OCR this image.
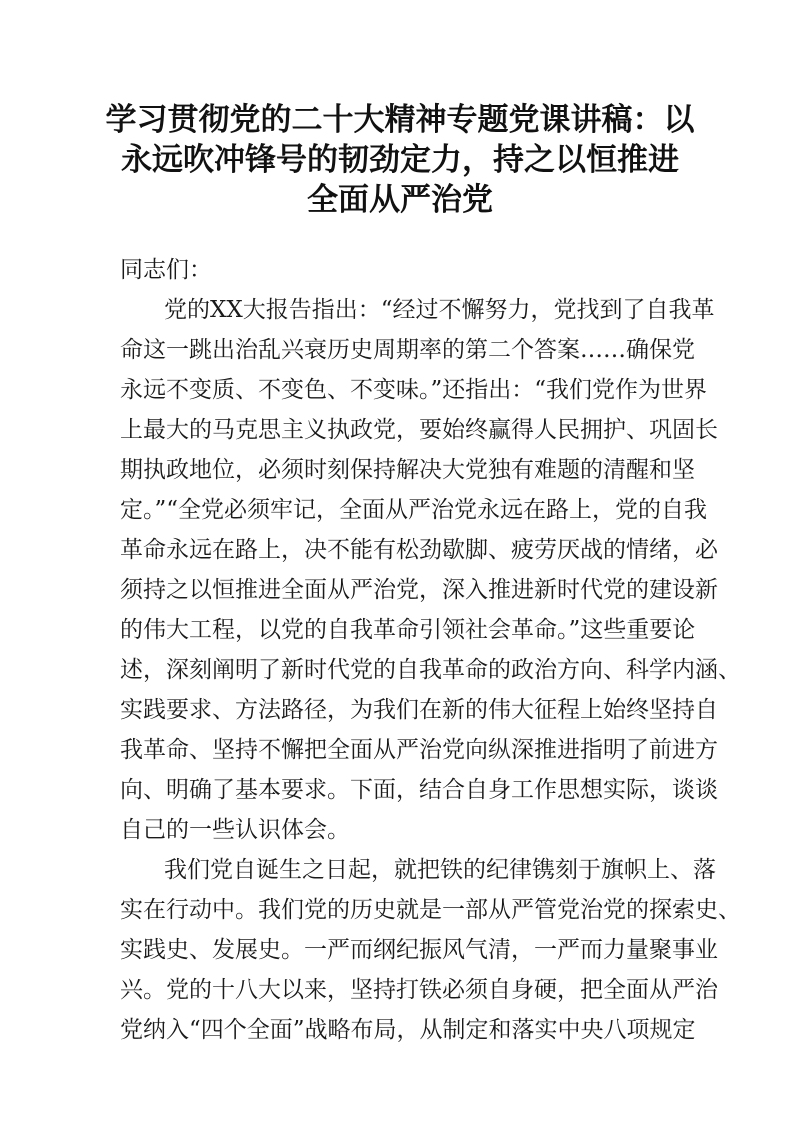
学习贯彻党的二十大精神专题党课讲稿：以
永远吹冲锋号的韧劲定力，持之以恒推进
全面从严治党
同志们：
党的XX大报告指出：“经过不懈努力，党找到了自我革
命这一跳出治乱兴衰历史周期率的第二个答案……确保党
永远不变质、不变色、不变味。”还指出：“我们党作为世界
上最大的马克思主义执政党，要始终赢得人民拥护、巩固长
期执政地位，必须时刻保持解决大党独有难题的清醒和坚
定。”“全党必须牢记，全面从严治党永远在路上，党的自我
革命永远在路上，决不能有松劲歇脚、疲劳厌战的情绪，必
须持之以恒推进全面从严治党，深入推进新时代党的建设新
的伟大工程，以党的自我革命引领社会革命。”这些重要论
述，深刻阐明了新时代党的自我革命的政治方向、科学内涵、
实践要求、方法路径，为我们在新的伟大征程上始终坚持自
我革命、坚持不懈把全面从严治党向纵深推进指明了前进方
向、明确了基本要求。下面，结合自身工作思想实际，谈谈
自己的一些认识体会。
我们党自诞生之日起，就把铁的纪律镌刻于旗帜上、落
实在行动中。我们党的历史就是一部从严管党治党的探索史、
实践史、发展史。一严而纲纪振风气清，一严而力量聚事业
兴。党的十八大以来，坚持打铁必须自身硬，把全面从严治
党纳入“四个全面”战略布局，从制定和落实中央八项规定
